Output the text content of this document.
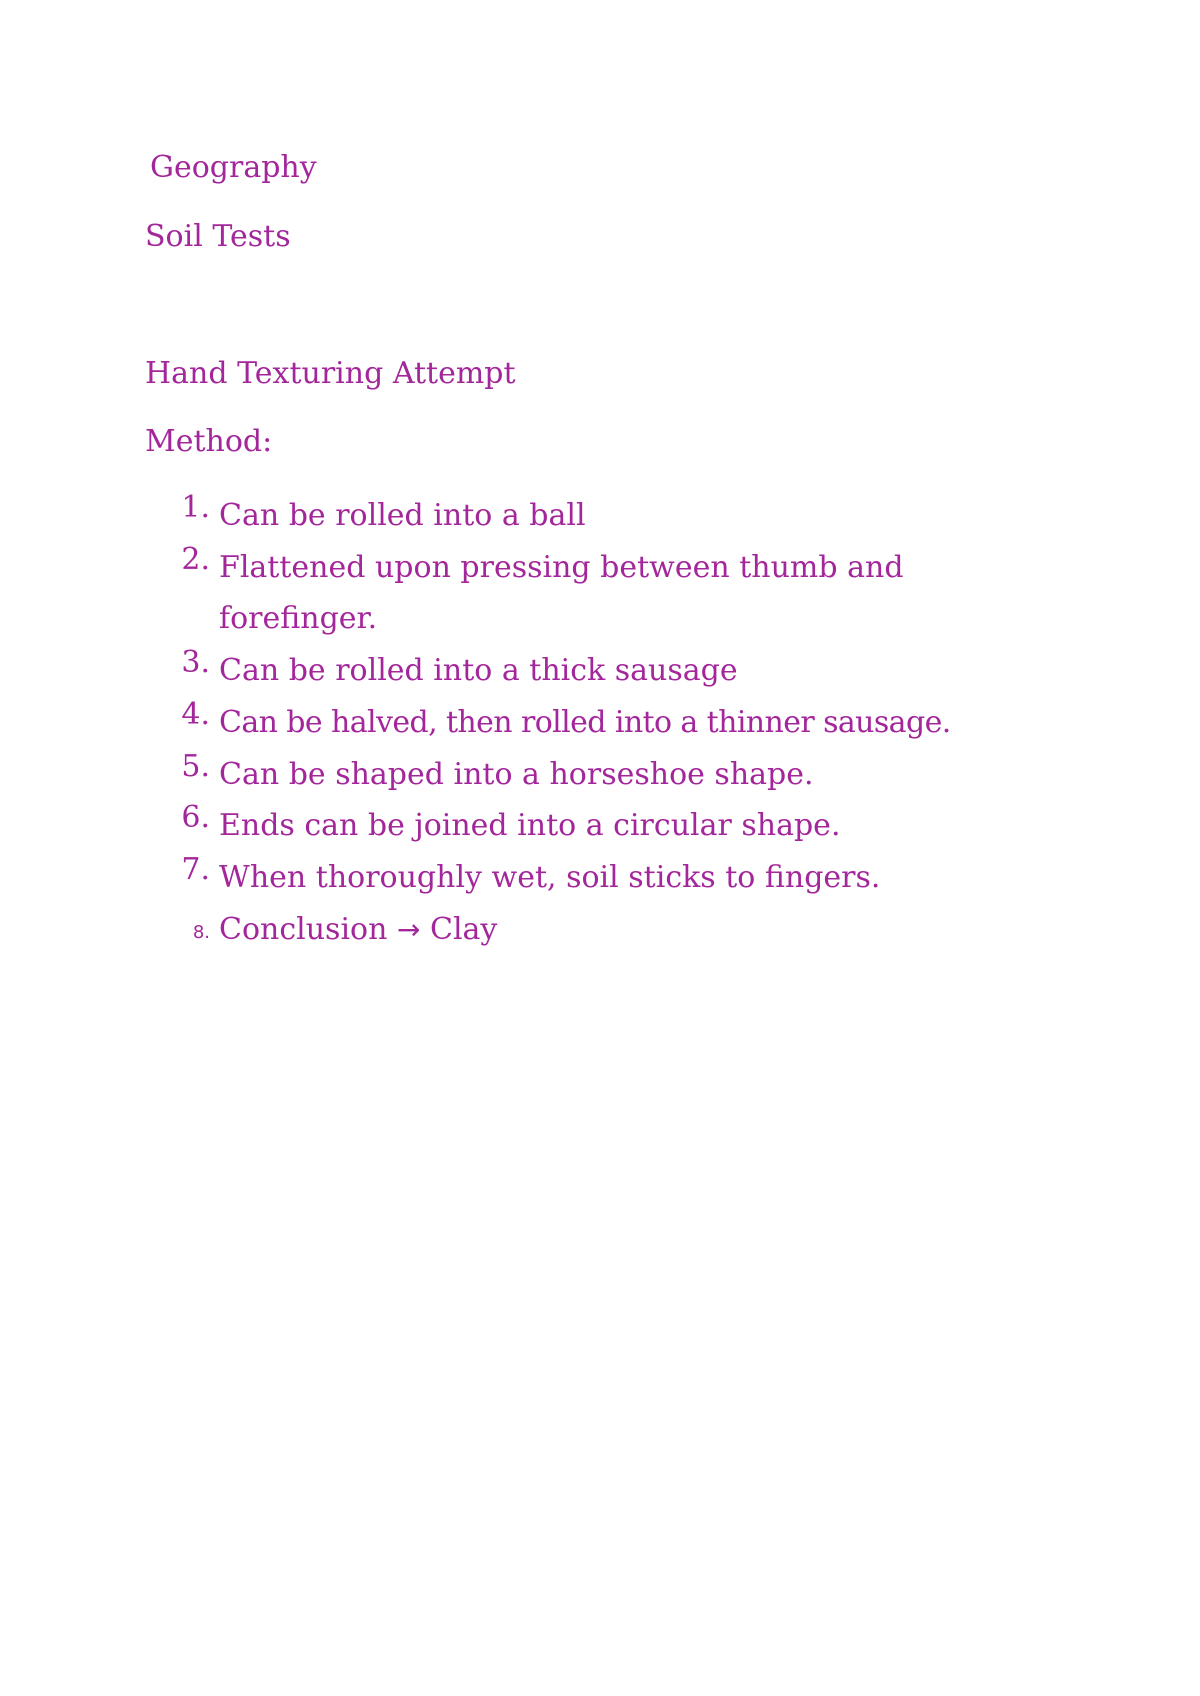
Geography
Soil Tests
Hand Texturing Attempt
Method:
1. Can be rolled into a ball
2. Flattened upon pressing between thumb and forefinger.
3. Can be rolled into a thick sausage
4. Can be halved, then rolled into a thinner sausage.
5. Can be shaped into a horseshoe shape.
6. Ends can be joined into a circular shape.
7. When thoroughly wet, soil sticks to fingers.
8. Conclusion → Clay
